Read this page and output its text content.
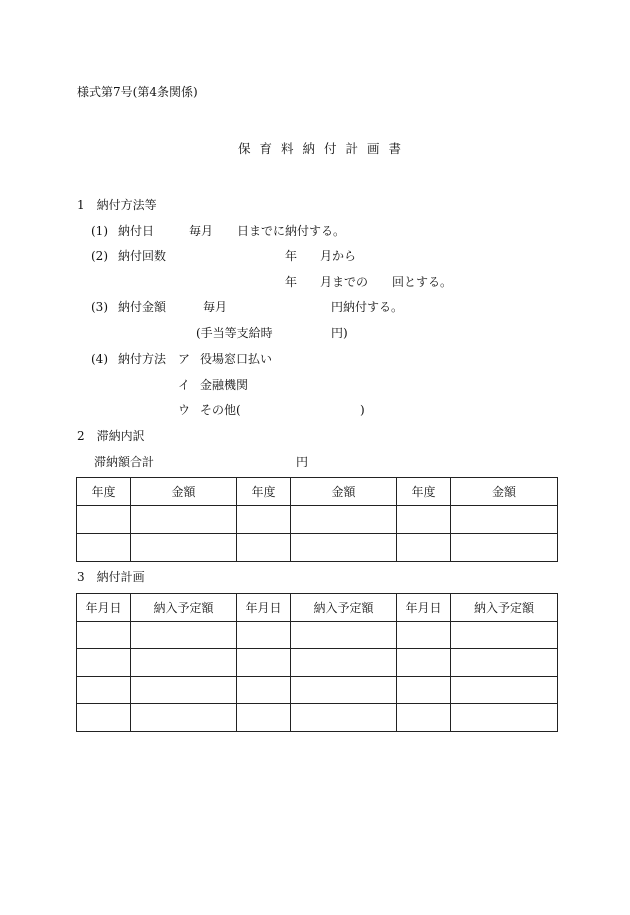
様式第7号(第4条関係)
保育料納付計画書
1　納付方法等
(1) 納付日	毎月 日までに納付する。
(2) 納付回数	年 月から
年 月までの 回とする。
(3) 納付金額	毎月	円納付する。
(手当等支給時	円)
(4) 納付方法 ア 役場窓口払い
イ 金融機関
ウ その他(	)
2　滞納内訳
滞納額合計	円
年度	金額	年度	金額	年度	金額

3　納付計画
年月日	納入予定額	年月日	納入予定額	年月日	納入予定額
